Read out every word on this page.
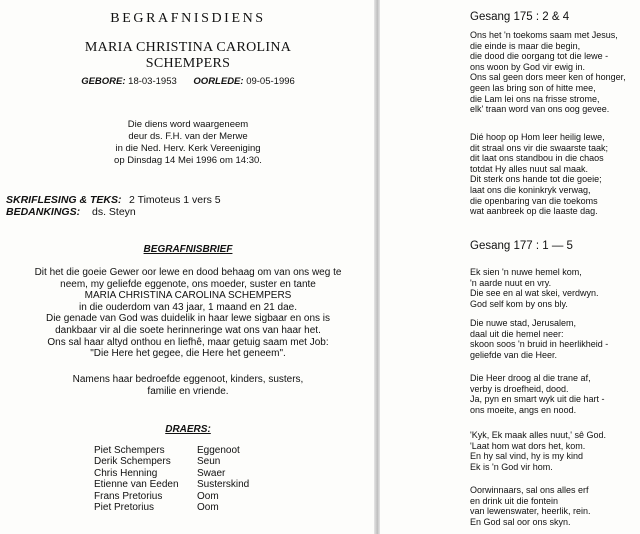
BEGRAFNISDIENS
MARIA CHRISTINA CAROLINA
SCHEMPERS
GEBORE: 18-03-1953 OORLEDE: 09-05-1996
Die diens word waargeneem
deur ds. F.H. van der Merwe
in die Ned. Herv. Kerk Vereeniging
op Dinsdag 14 Mei 1996 om 14:30.
SKRIFLESING & TEKS: 2 Timoteus 1 vers 5
BEDANKINGS: ds. Steyn
BEGRAFNISBRIEF
Dit het die goeie Gewer oor lewe en dood behaag om van ons weg te
neem, my geliefde eggenote, ons moeder, suster en tante
MARIA CHRISTINA CAROLINA SCHEMPERS
in die ouderdom van 43 jaar, 1 maand en 21 dae.
Die genade van God was duidelik in haar lewe sigbaar en ons is
dankbaar vir al die soete herinneringe wat ons van haar het.
Ons sal haar altyd onthou en liefhê, maar getuig saam met Job:
"Die Here het gegee, die Here het geneem".
Namens haar bedroefde eggenoot, kinders, susters,
familie en vriende.
DRAERS:
Piet Schempers	Eggenoot
Derik Schempers	Seun
Chris Henning	Swaer
Etienne van Eeden	Susterskind
Frans Pretorius	Oom
Piet Pretorius	Oom
Gesang 175 : 2 & 4
Ons het 'n toekoms saam met Jesus,
die einde is maar die begin,
die dood die oorgang tot die lewe -
ons woon by God vir ewig in.
Ons sal geen dors meer ken of honger,
geen las bring son of hitte mee,
die Lam lei ons na frisse strome,
elk' traan word van ons oog gevee.
Dié hoop op Hom leer heilig lewe,
dit straal ons vir die swaarste taak;
dit laat ons standbou in die chaos
totdat Hy alles nuut sal maak.
Dit sterk ons hande tot die goeie;
laat ons die koninkryk verwag,
die openbaring van die toekoms
wat aanbreek op die laaste dag.
Gesang 177 : 1 — 5
Ek sien 'n nuwe hemel kom,
'n aarde nuut en vry.
Die see en al wat skei, verdwyn.
God self kom by ons bly.
Die nuwe stad, Jerusalem,
daal uit die hemel neer:
skoon soos 'n bruid in heerlikheid -
geliefde van die Heer.
Die Heer droog al die trane af,
verby is droefheid, dood.
Ja, pyn en smart wyk uit die hart -
ons moeite, angs en nood.
'Kyk, Ek maak alles nuut,' sê God.
'Laat hom wat dors het, kom.
En hy sal vind, hy is my kind
Ek is 'n God vir hom.
Oorwinnaars, sal ons alles erf
en drink uit die fontein
van lewenswater, heerlik, rein.
En God sal oor ons skyn.
